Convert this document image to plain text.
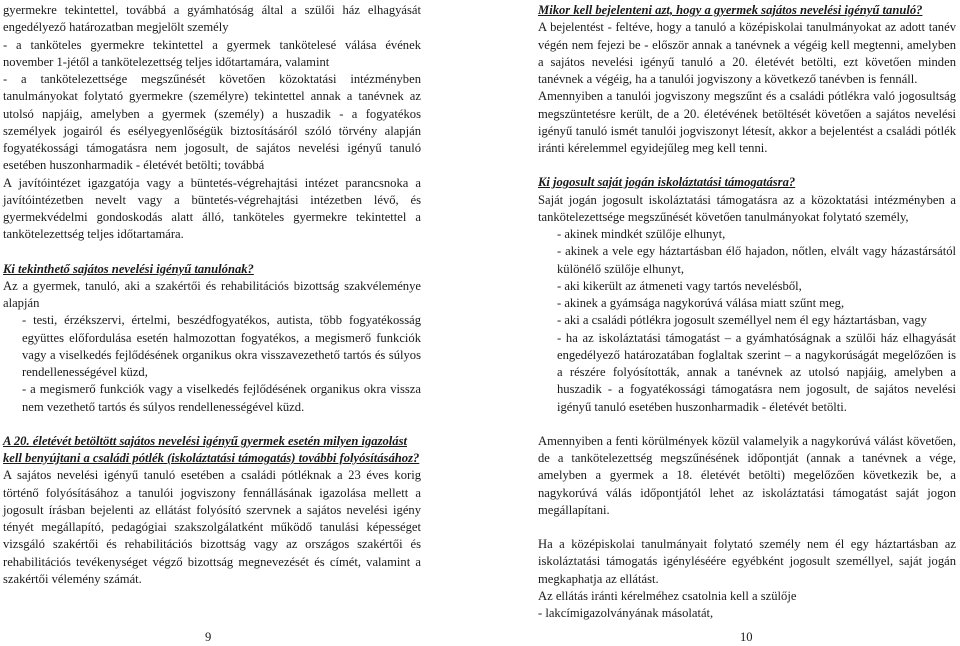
gyermekre tekintettel, továbbá a gyámhatóság által a szülői ház elhagyását engedélyező határozatban megjelölt személy

- a tanköteles gyermekre tekintettel a gyermek tankötelesé válása évének november 1-jétől a tankötelezettség teljes időtartamára, valamint

- a tankötelezettsége megszűnését követően közoktatási intézményben tanulmányokat folytató gyermekre (személyre) tekintettel annak a tanévnek az utolsó napjáig, amelyben a gyermek (személy) a huszadik - a fogyatékos személyek jogairól és esélyegyenlőségük biztosításáról szóló törvény alapján fogyatékossági támogatásra nem jogosult, de sajátos nevelési igényű tanuló esetében huszonharmadik - életévét betölti; továbbá

A javítóintézet igazgatója vagy a büntetés-végrehajtási intézet parancsnoka a javítóintézetben nevelt vagy a büntetés-végrehajtási intézetben lévő, és gyermekvédelmi gondoskodás alatt álló, tanköteles gyermekre tekintettel a tankötelezettség teljes időtartamára.

Ki tekinthető sajátos nevelési igényű tanulónak?

Az a gyermek, tanuló, aki a szakértői és rehabilitációs bizottság szakvéleménye alapján

- testi, érzékszervi, értelmi, beszédfogyatékos, autista, több fogyatékosság együttes előfordulása esetén halmozottan fogyatékos, a megismerő funkciók vagy a viselkedés fejlődésének organikus okra visszavezethető tartós és súlyos rendellenességével küzd,

- a megismerő funkciók vagy a viselkedés fejlődésének organikus okra vissza nem vezethető tartós és súlyos rendellenességével küzd.

A 20. életévét betöltött sajátos nevelési igényű gyermek esetén milyen igazolást kell benyújtani a családi pótlék (iskoláztatási támogatás) további folyósításához?

A sajátos nevelési igényű tanuló esetében a családi pótléknak a 23 éves korig történő folyósításához a tanulói jogviszony fennállásának igazolása mellett a jogosult írásban bejelenti az ellátást folyósító szervnek a sajátos nevelési igény tényét megállapító, pedagógiai szakszolgálatként működő tanulási képességet vizsgáló szakértői és rehabilitációs bizottság vagy az országos szakértői és rehabilitációs tevékenységet végző bizottság megnevezését és címét, valamint a szakértői vélemény számát.

Mikor kell bejelenteni azt, hogy a gyermek sajátos nevelési igényű tanuló?

A bejelentést - feltéve, hogy a tanuló a középiskolai tanulmányokat az adott tanév végén nem fejezi be - először annak a tanévnek a végéig kell megtenni, amelyben a sajátos nevelési igényű tanuló a 20. életévét betölti, ezt követően minden tanévnek a végéig, ha a tanulói jogviszony a következő tanévben is fennáll.

Amennyiben a tanulói jogviszony megszűnt és a családi pótlékra való jogosultság megszüntetésre került, de a 20. életévének betöltését követően a sajátos nevelési igényű tanuló ismét tanulói jogviszonyt létesít, akkor a bejelentést a családi pótlék iránti kérelemmel egyidejűleg meg kell tenni.

Ki jogosult saját jogán iskoláztatási támogatásra?

Saját jogán jogosult iskoláztatási támogatásra az a közoktatási intézményben a tankötelezettsége megszűnését követően tanulmányokat folytató személy,

- akinek mindkét szülője elhunyt,

- akinek a vele egy háztartásban élő hajadon, nőtlen, elvált vagy házastársától különélő szülője elhunyt,

- aki kikerült az átmeneti vagy tartós nevelésből,

- akinek a gyámsága nagykorúvá válása miatt szűnt meg,

- aki a családi pótlékra jogosult személlyel nem él egy háztartásban, vagy

- ha az iskoláztatási támogatást – a gyámhatóságnak a szülői ház elhagyását engedélyező határozatában foglaltak szerint – a nagykorúságát megelőzően is a részére folyósították, annak a tanévnek az utolsó napjáig, amelyben a huszadik - a fogyatékossági támogatásra nem jogosult, de sajátos nevelési igényű tanuló esetében huszonharmadik - életévét betölti.

Amennyiben a fenti körülmények közül valamelyik a nagykorúvá válást követően, de a tankötelezettség megszűnésének időpontját (annak a tanévnek a vége, amelyben a gyermek a 18. életévét betölti) megelőzően következik be, a nagykorúvá válás időpontjától lehet az iskoláztatási támogatást saját jogon megállapítani.

Ha a középiskolai tanulmányait folytató személy nem él egy háztartásban az iskoláztatási támogatás igényléséére egyébként jogosult személlyel, saját jogán megkaphatja az ellátást.

Az ellátás iránti kérelméhez csatolnia kell a szülője

- lakcímigazolványának másolatát,

9	10
